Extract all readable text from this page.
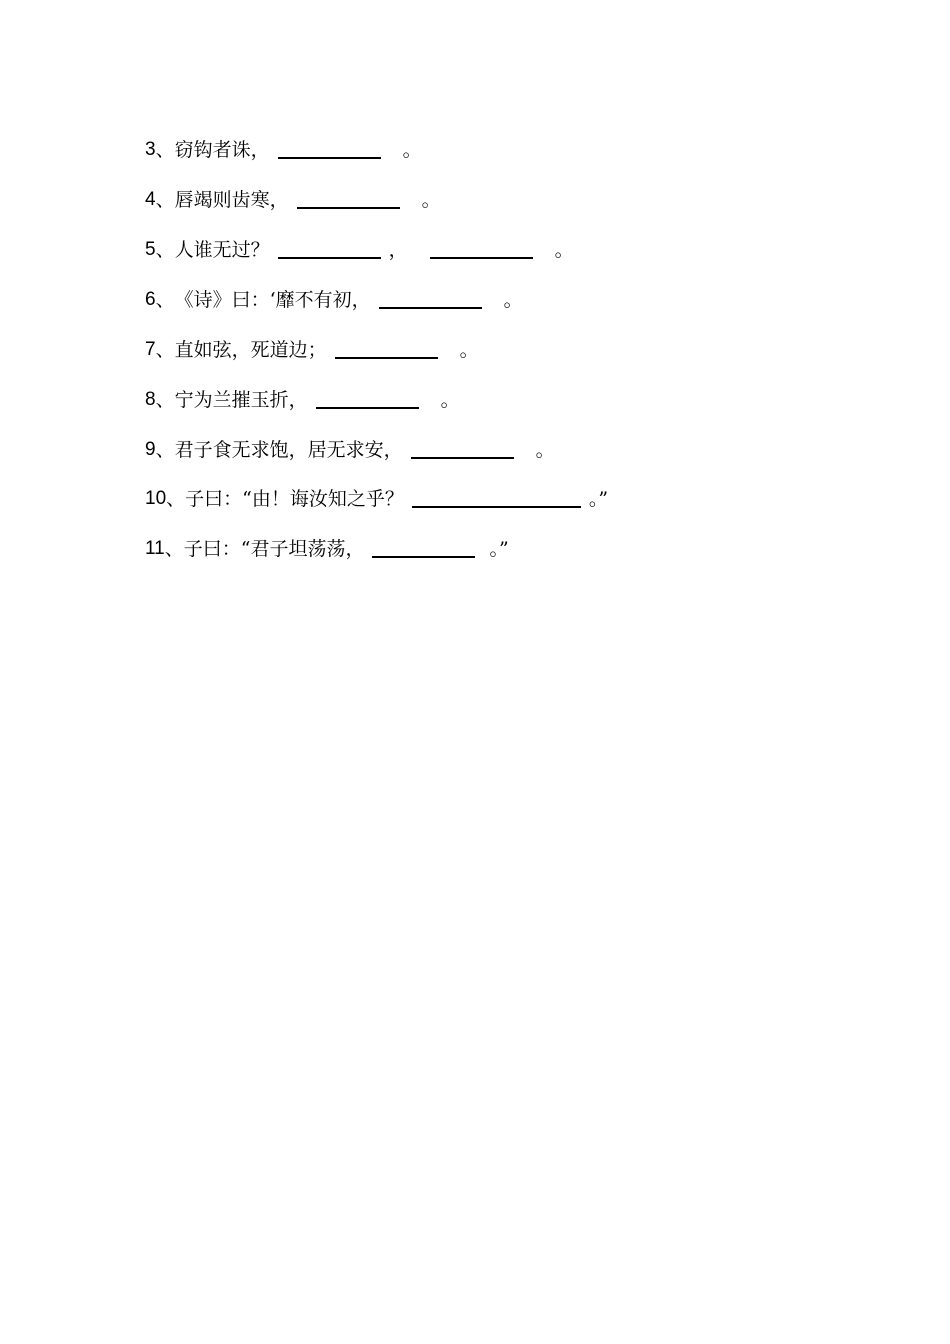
3 、 窃钩者诛，	。
4 、 唇竭则齿寒，	。
5 、 人谁无过？	，	。
6 、 《诗》曰：‘靡不有初，	。
7 、 直如弦，死道边；	。
8 、 宁为兰摧玉折，	。
9 、 君子食无求饱，居无求安，	。
10 、 子曰：“由！诲汝知之乎？	。”
11 、 子曰：“君子坦荡荡，	。”
